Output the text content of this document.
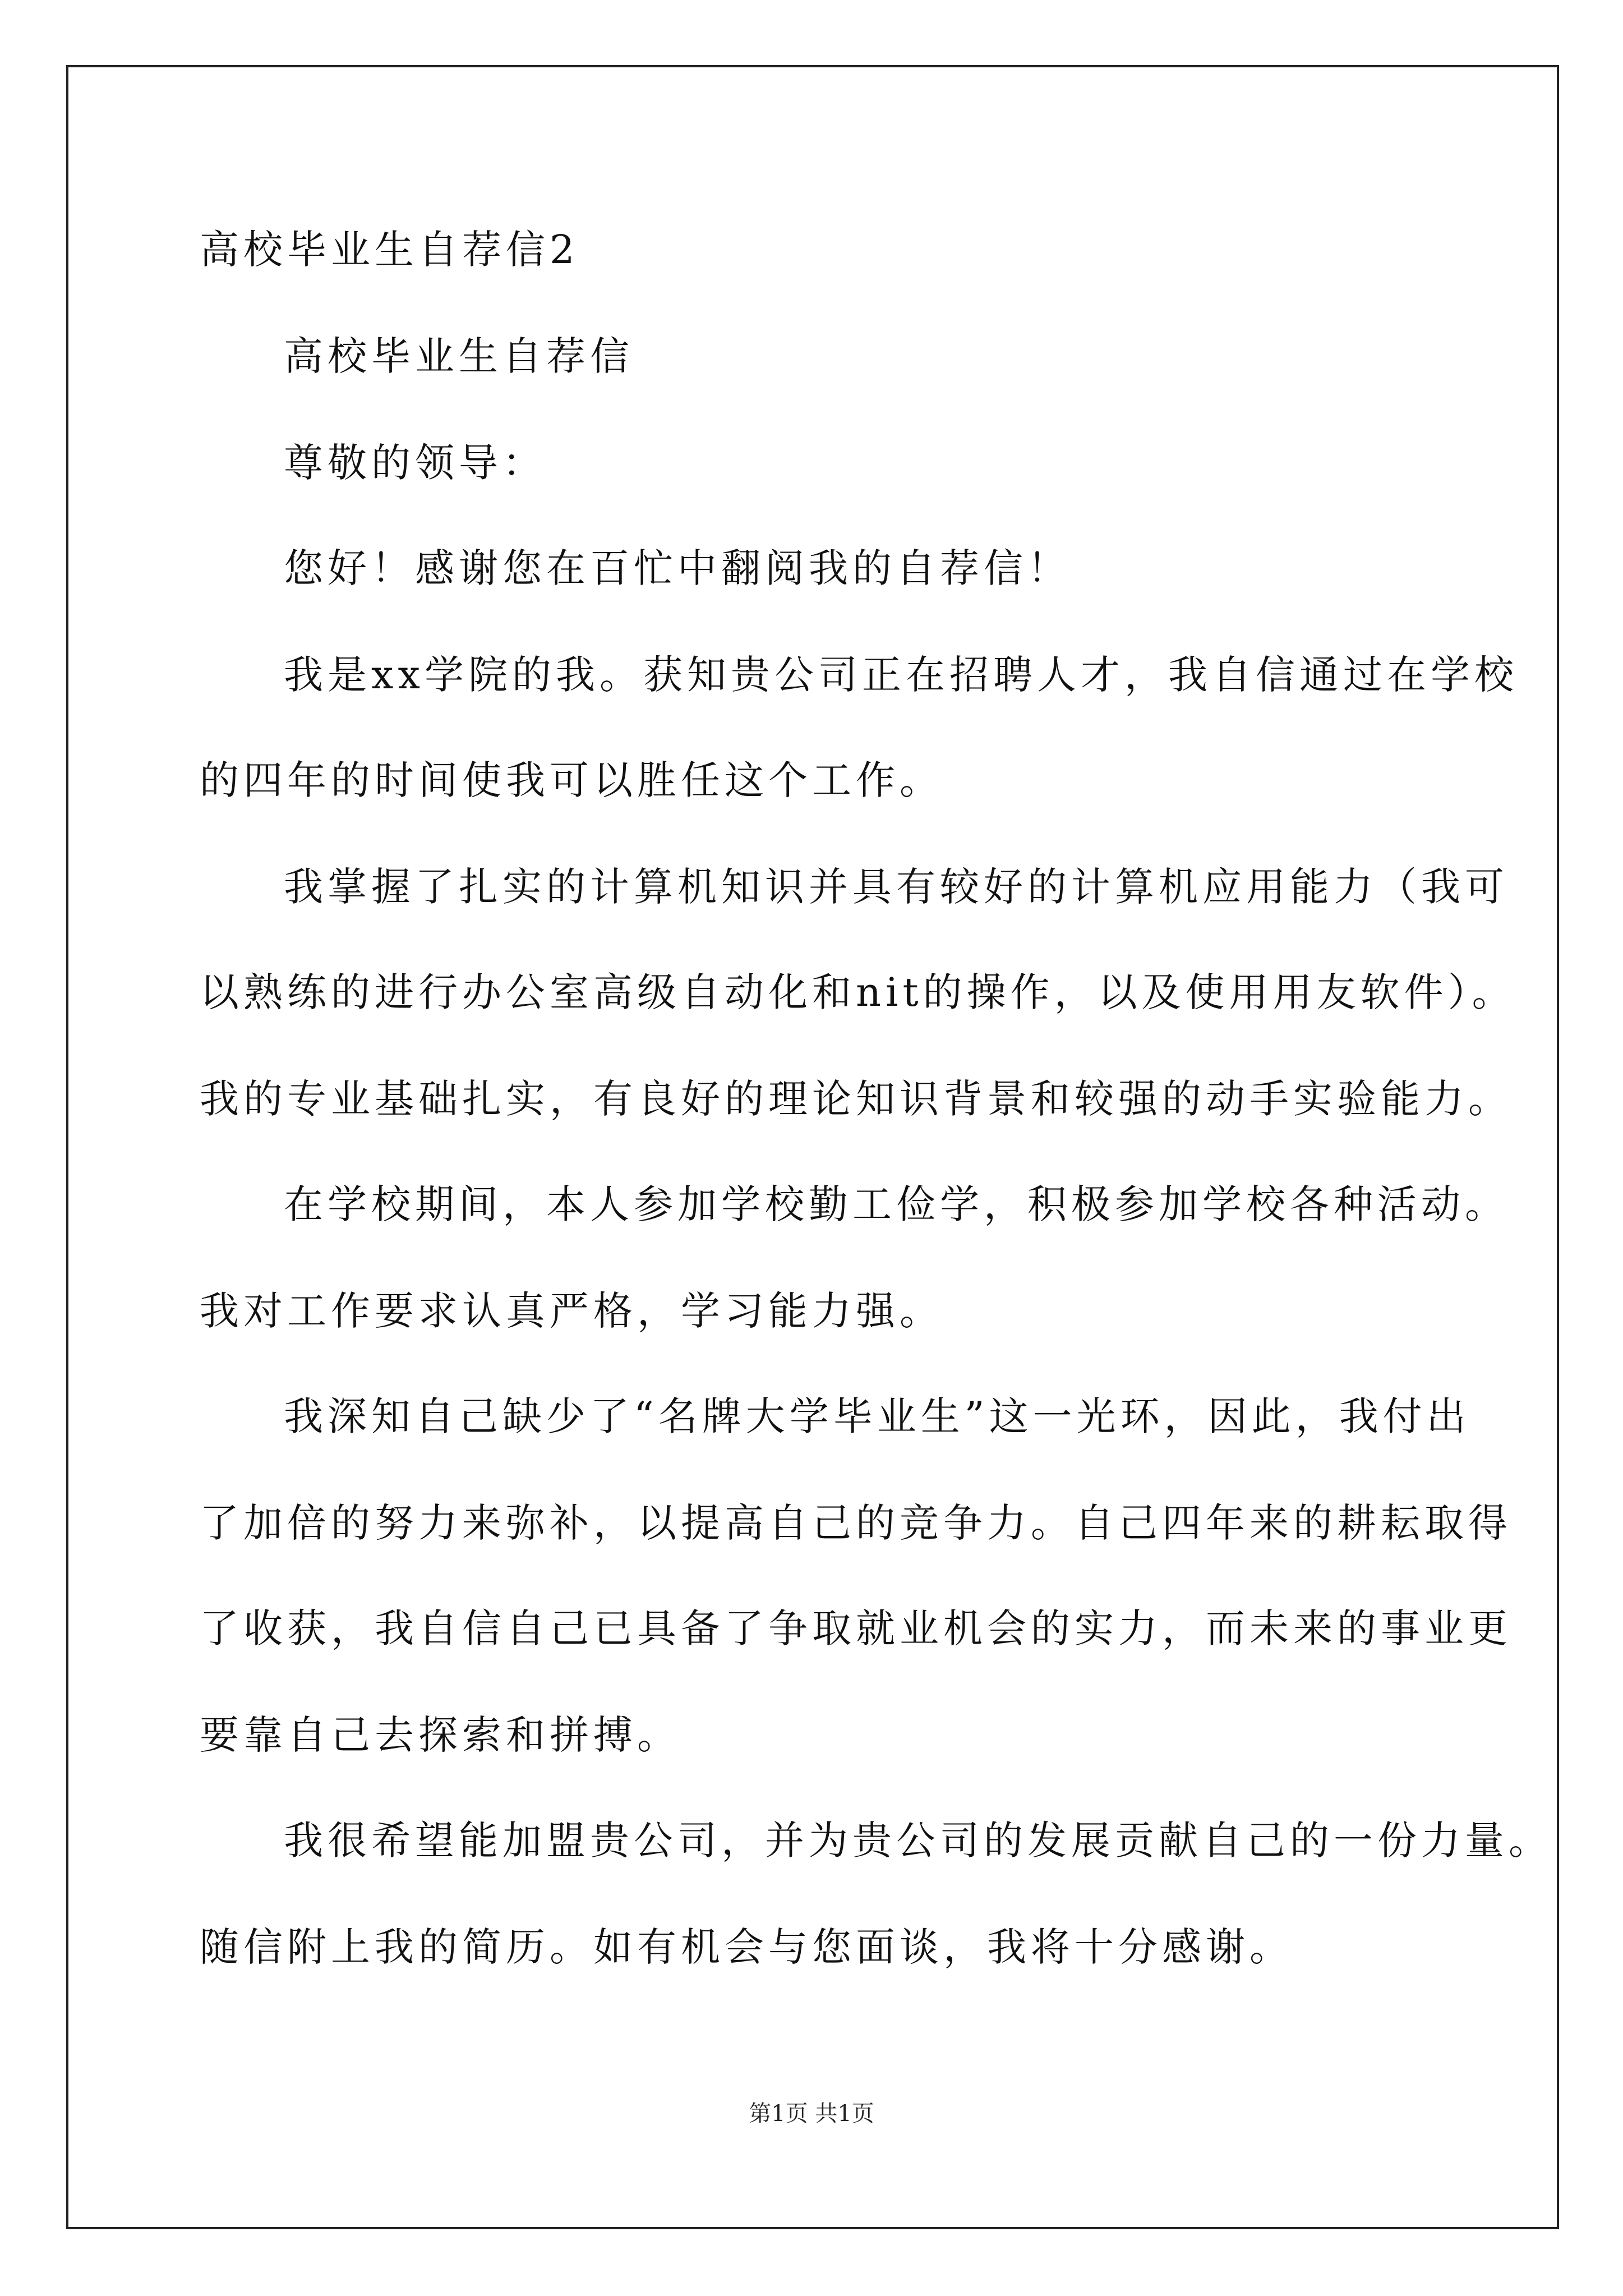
高校毕业生自荐信2
高校毕业生自荐信
尊敬的领导：
您好！感谢您在百忙中翻阅我的自荐信！
我是xx学院的我。获知贵公司正在招聘人才，我自信通过在学校
的四年的时间使我可以胜任这个工作。
我掌握了扎实的计算机知识并具有较好的计算机应用能力（我可
以熟练的进行办公室高级自动化和nit的操作，以及使用用友软件）。
我的专业基础扎实，有良好的理论知识背景和较强的动手实验能力。
在学校期间，本人参加学校勤工俭学，积极参加学校各种活动。
我对工作要求认真严格，学习能力强。
我深知自己缺少了“名牌大学毕业生”这一光环，因此，我付出
了加倍的努力来弥补，以提高自己的竞争力。自己四年来的耕耘取得
了收获，我自信自己已具备了争取就业机会的实力，而未来的事业更
要靠自己去探索和拼搏。
我很希望能加盟贵公司，并为贵公司的发展贡献自己的一份力量。
随信附上我的简历。如有机会与您面谈，我将十分感谢。
第1页 共1页
